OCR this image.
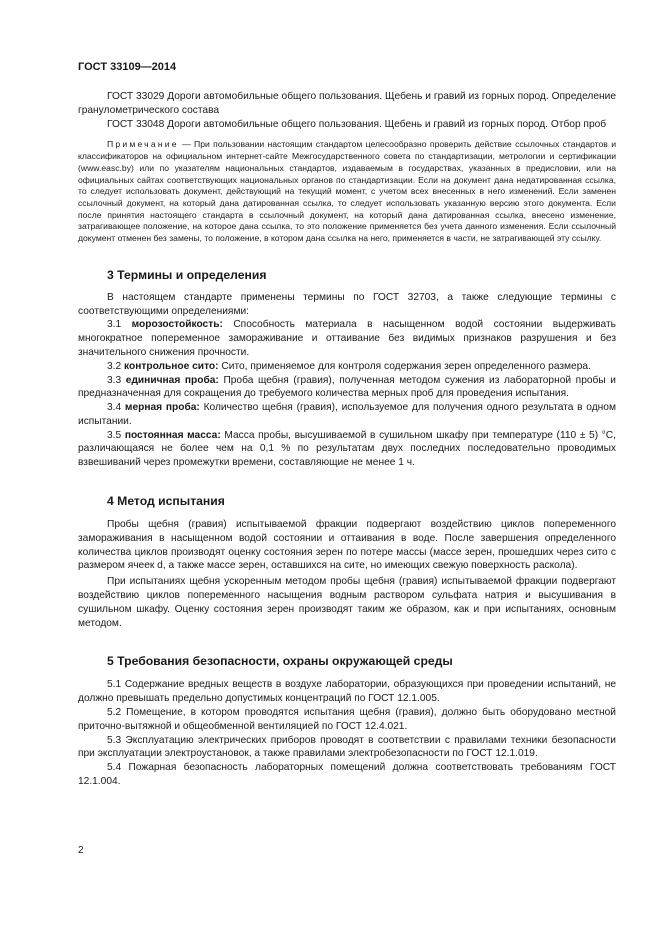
ГОСТ 33109—2014

ГОСТ 33029 Дороги автомобильные общего пользования. Щебень и гравий из горных пород. Определение гранулометрического состава

ГОСТ 33048 Дороги автомобильные общего пользования. Щебень и гравий из горных пород. Отбор проб

Примечание — При пользовании настоящим стандартом целесообразно проверить действие ссылочных стандартов и классификаторов на официальном интернет-сайте Межгосударственного совета по стандартизации, метрологии и сертификации (www.easc.by) или по указателям национальных стандартов, издаваемым в государствах, указанных в предисловии, или на официальных сайтах соответствующих национальных органов по стандартизации. Если на документ дана недатированная ссылка, то следует использовать документ, действующий на текущий момент, с учетом всех внесенных в него изменений. Если заменен ссылочный документ, на который дана датированная ссылка, то следует использовать указанную версию этого документа. Если после принятия настоящего стандарта в ссылочный документ, на который дана датированная ссылка, внесено изменение, затрагивающее положение, на которое дана ссылка, то это положение применяется без учета данного изменения. Если ссылочный документ отменен без замены, то положение, в котором дана ссылка на него, применяется в части, не затрагивающей эту ссылку.

3 Термины и определения

В настоящем стандарте применены термины по ГОСТ 32703, а также следующие термины с соответствующими определениями:

3.1 морозостойкость: Способность материала в насыщенном водой состоянии выдерживать многократное попеременное замораживание и оттаивание без видимых признаков разрушения и без значительного снижения прочности.

3.2 контрольное сито: Сито, применяемое для контроля содержания зерен определенного размера.

3.3 единичная проба: Проба щебня (гравия), полученная методом сужения из лабораторной пробы и предназначенная для сокращения до требуемого количества мерных проб для проведения испытания.

3.4 мерная проба: Количество щебня (гравия), используемое для получения одного результата в одном испытании.

3.5 постоянная масса: Масса пробы, высушиваемой в сушильном шкафу при температуре (110 ± 5) °С, различающаяся не более чем на 0,1 % по результатам двух последних последовательно проводимых взвешиваний через промежутки времени, составляющие не менее 1 ч.

4 Метод испытания

Пробы щебня (гравия) испытываемой фракции подвергают воздействию циклов попеременного замораживания в насыщенном водой состоянии и оттаивания в воде. После завершения определенного количества циклов производят оценку состояния зерен по потере массы (массе зерен, прошедших через сито с размером ячеек d, а также массе зерен, оставшихся на сите, но имеющих свежую поверхность раскола).

При испытаниях щебня ускоренным методом пробы щебня (гравия) испытываемой фракции подвергают воздействию циклов попеременного насыщения водным раствором сульфата натрия и высушивания в сушильном шкафу. Оценку состояния зерен производят таким же образом, как и при испытаниях, основным методом.

5 Требования безопасности, охраны окружающей среды

5.1 Содержание вредных веществ в воздухе лаборатории, образующихся при проведении испытаний, не должно превышать предельно допустимых концентраций по ГОСТ 12.1.005.

5.2 Помещение, в котором проводятся испытания щебня (гравия), должно быть оборудовано местной приточно-вытяжной и общеобменной вентиляцией по ГОСТ 12.4.021.

5.3 Эксплуатацию электрических приборов проводят в соответствии с правилами техники безопасности при эксплуатации электроустановок, а также правилами электробезопасности по ГОСТ 12.1.019.

5.4 Пожарная безопасность лабораторных помещений должна соответствовать требованиям ГОСТ 12.1.004.

2
